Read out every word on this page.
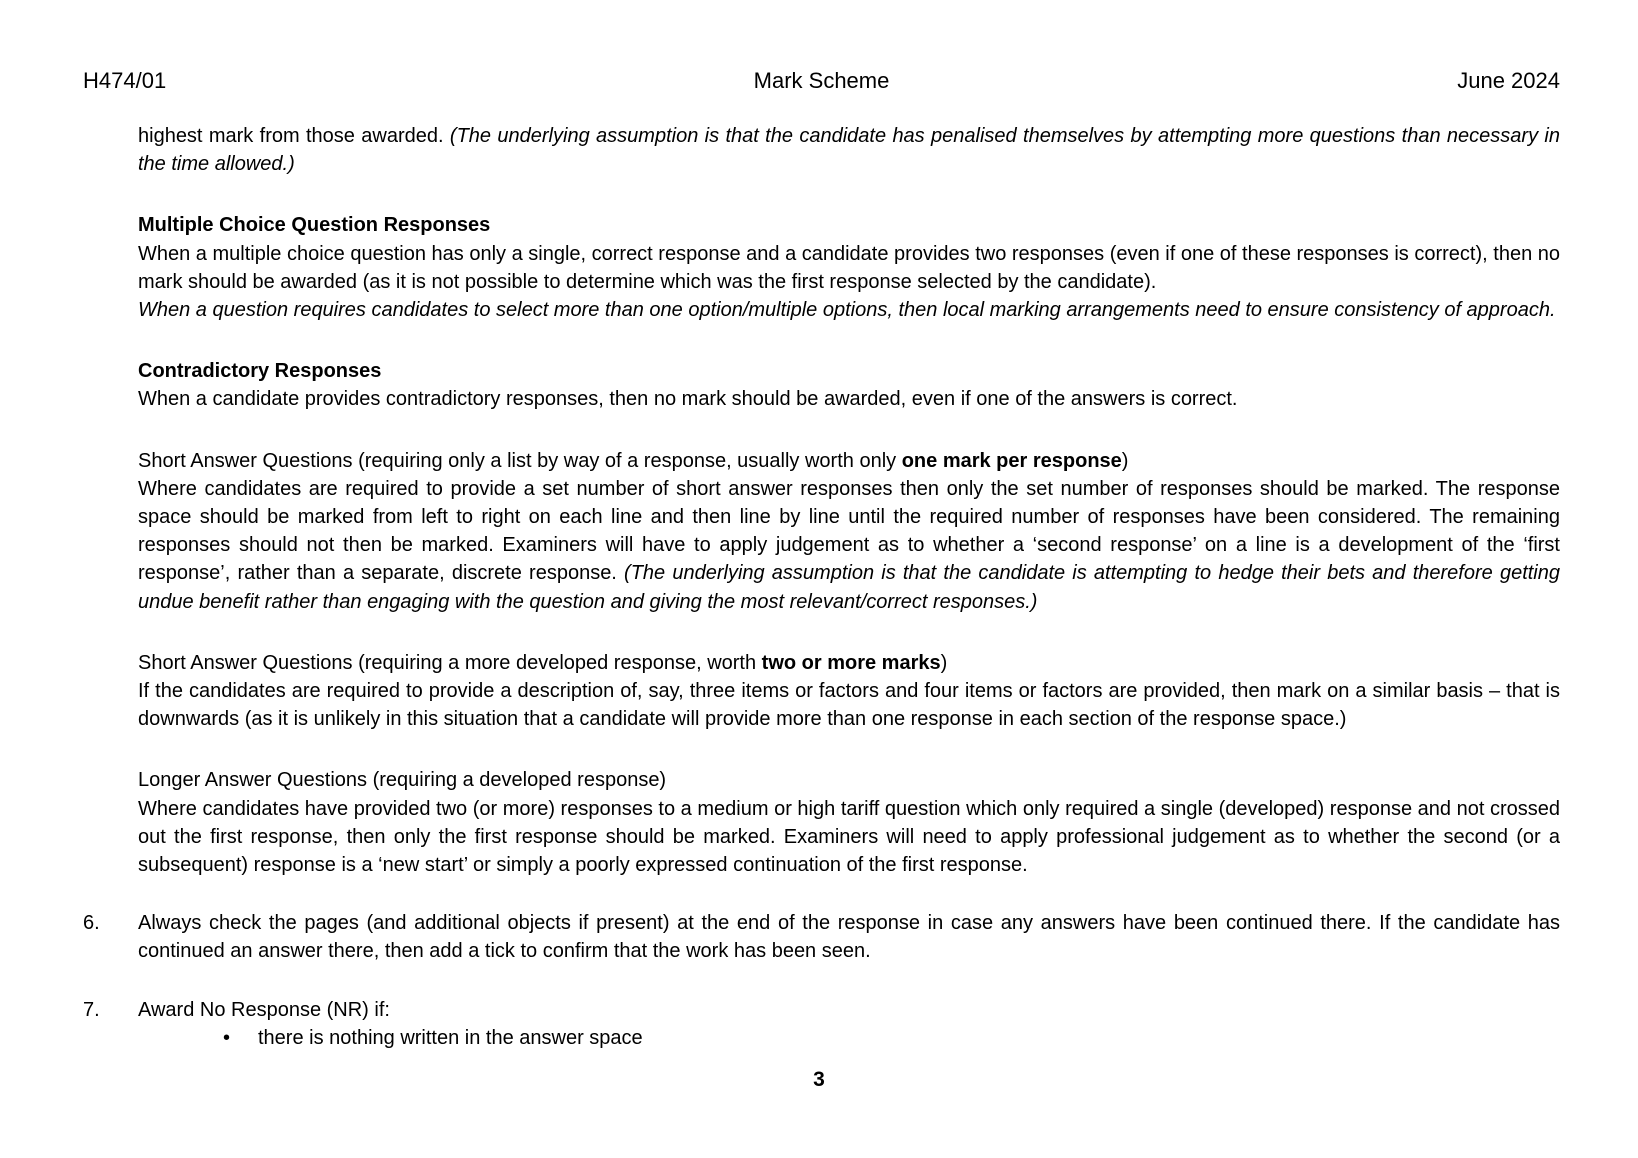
H474/01	Mark Scheme	June 2024
highest mark from those awarded. (The underlying assumption is that the candidate has penalised themselves by attempting more questions than necessary in the time allowed.)

Multiple Choice Question Responses

When a multiple choice question has only a single, correct response and a candidate provides two responses (even if one of these responses is correct), then no mark should be awarded (as it is not possible to determine which was the first response selected by the candidate).

When a question requires candidates to select more than one option/multiple options, then local marking arrangements need to ensure consistency of approach.

Contradictory Responses

When a candidate provides contradictory responses, then no mark should be awarded, even if one of the answers is correct.

Short Answer Questions (requiring only a list by way of a response, usually worth only one mark per response)

Where candidates are required to provide a set number of short answer responses then only the set number of responses should be marked. The response space should be marked from left to right on each line and then line by line until the required number of responses have been considered. The remaining responses should not then be marked. Examiners will have to apply judgement as to whether a ‘second response’ on a line is a development of the ‘first response’, rather than a separate, discrete response. (The underlying assumption is that the candidate is attempting to hedge their bets and therefore getting undue benefit rather than engaging with the question and giving the most relevant/correct responses.)

Short Answer Questions (requiring a more developed response, worth two or more marks)

If the candidates are required to provide a description of, say, three items or factors and four items or factors are provided, then mark on a similar basis – that is downwards (as it is unlikely in this situation that a candidate will provide more than one response in each section of the response space.)

Longer Answer Questions (requiring a developed response)

Where candidates have provided two (or more) responses to a medium or high tariff question which only required a single (developed) response and not crossed out the first response, then only the first response should be marked. Examiners will need to apply professional judgement as to whether the second (or a subsequent) response is a ‘new start’ or simply a poorly expressed continuation of the first response.

6. Always check the pages (and additional objects if present) at the end of the response in case any answers have been continued there. If the candidate has continued an answer there, then add a tick to confirm that the work has been seen.
7. Award No Response (NR) if:
• there is nothing written in the answer space
3
